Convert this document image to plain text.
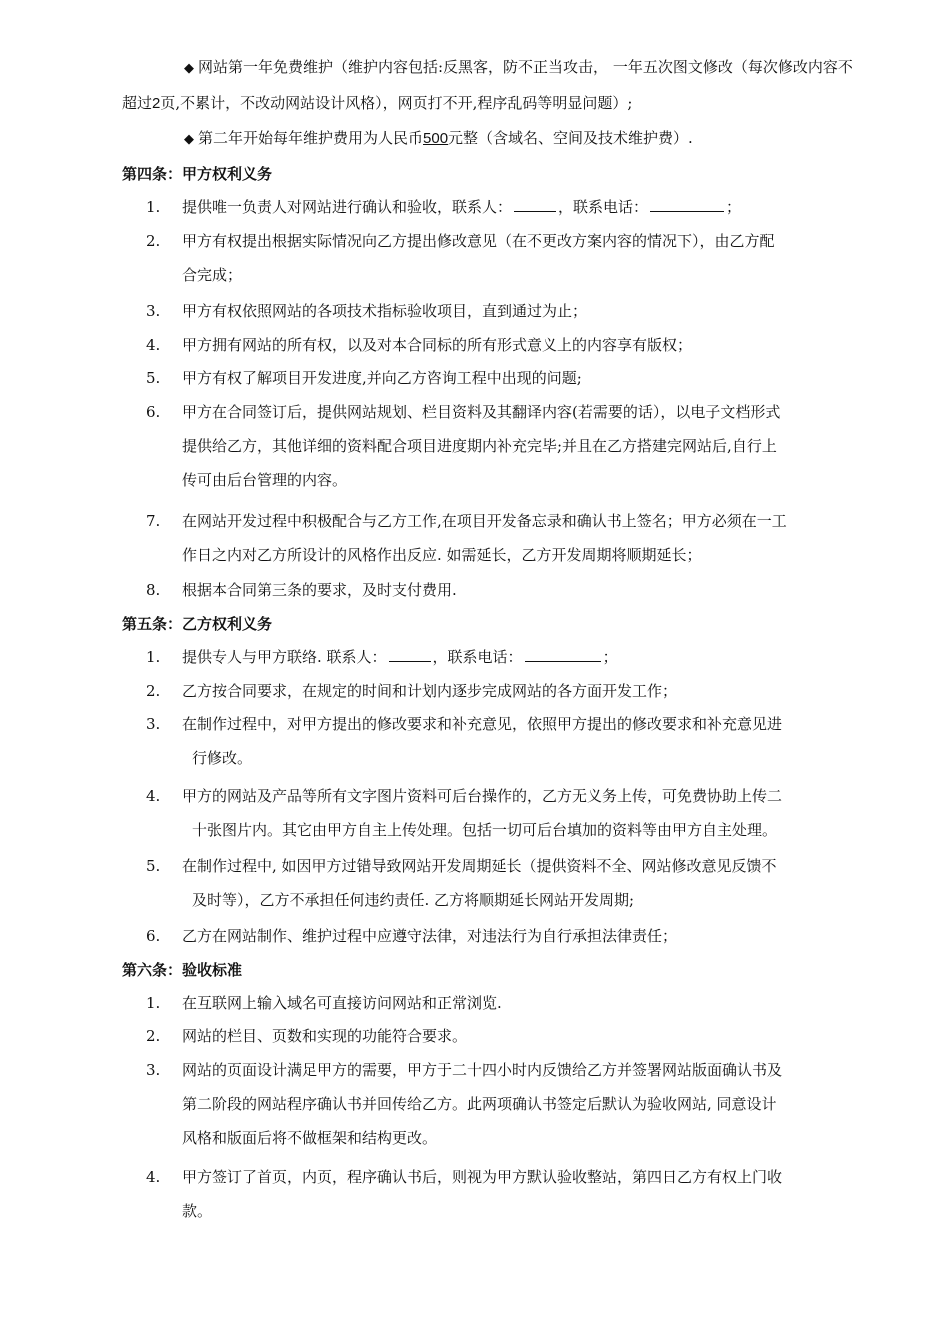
◆ 网站第一年免费维护（维护内容包括:反黑客，防不正当攻击， 一年五次图文修改（每次修改内容不超过2页,不累计，不改动网站设计风格），网页打不开,程序乱码等明显问题）;
◆ 第二年开始每年维护费用为人民币500元整（含域名、空间及技术维护费）.
第四条：甲方权利义务
1.	提供唯一负责人对网站进行确认和验收，联系人：	，联系电话：	；
2.	甲方有权提出根据实际情况向乙方提出修改意见（在不更改方案内容的情况下），由乙方配
合完成；
3.	甲方有权依照网站的各项技术指标验收项目，直到通过为止；
4.	甲方拥有网站的所有权，以及对本合同标的所有形式意义上的内容享有版权；
5.	甲方有权了解项目开发进度,并向乙方咨询工程中出现的问题;
6.	甲方在合同签订后，提供网站规划、栏目资料及其翻译内容(若需要的话），以电子文档形式
提供给乙方，其他详细的资料配合项目进度期内补充完毕;并且在乙方搭建完网站后,自行上
传可由后台管理的内容。
7.	在网站开发过程中积极配合与乙方工作,在项目开发备忘录和确认书上签名；甲方必须在一工
作日之内对乙方所设计的风格作出反应. 如需延长，乙方开发周期将顺期延长；
8.	根据本合同第三条的要求，及时支付费用.
第五条：乙方权利义务
1.	提供专人与甲方联络. 联系人：	，联系电话：	；
2.	乙方按合同要求，在规定的时间和计划内逐步完成网站的各方面开发工作；
3.	在制作过程中，对甲方提出的修改要求和补充意见，依照甲方提出的修改要求和补充意见进
行修改。
4.	甲方的网站及产品等所有文字图片资料可后台操作的，乙方无义务上传，可免费协助上传二
十张图片内。其它由甲方自主上传处理。包括一切可后台填加的资料等由甲方自主处理。
5.	在制作过程中, 如因甲方过错导致网站开发周期延长（提供资料不全、网站修改意见反馈不
及时等），乙方不承担任何违约责任. 乙方将顺期延长网站开发周期;
6.	乙方在网站制作、维护过程中应遵守法律，对违法行为自行承担法律责任；
第六条：验收标准
1.	在互联网上输入域名可直接访问网站和正常浏览.
2.	网站的栏目、页数和实现的功能符合要求。
3.	网站的页面设计满足甲方的需要，甲方于二十四小时内反馈给乙方并签署网站版面确认书及
第二阶段的网站程序确认书并回传给乙方。此两项确认书签定后默认为验收网站, 同意设计
风格和版面后将不做框架和结构更改。
4.	甲方签订了首页，内页，程序确认书后，则视为甲方默认验收整站，第四日乙方有权上门收
款。
